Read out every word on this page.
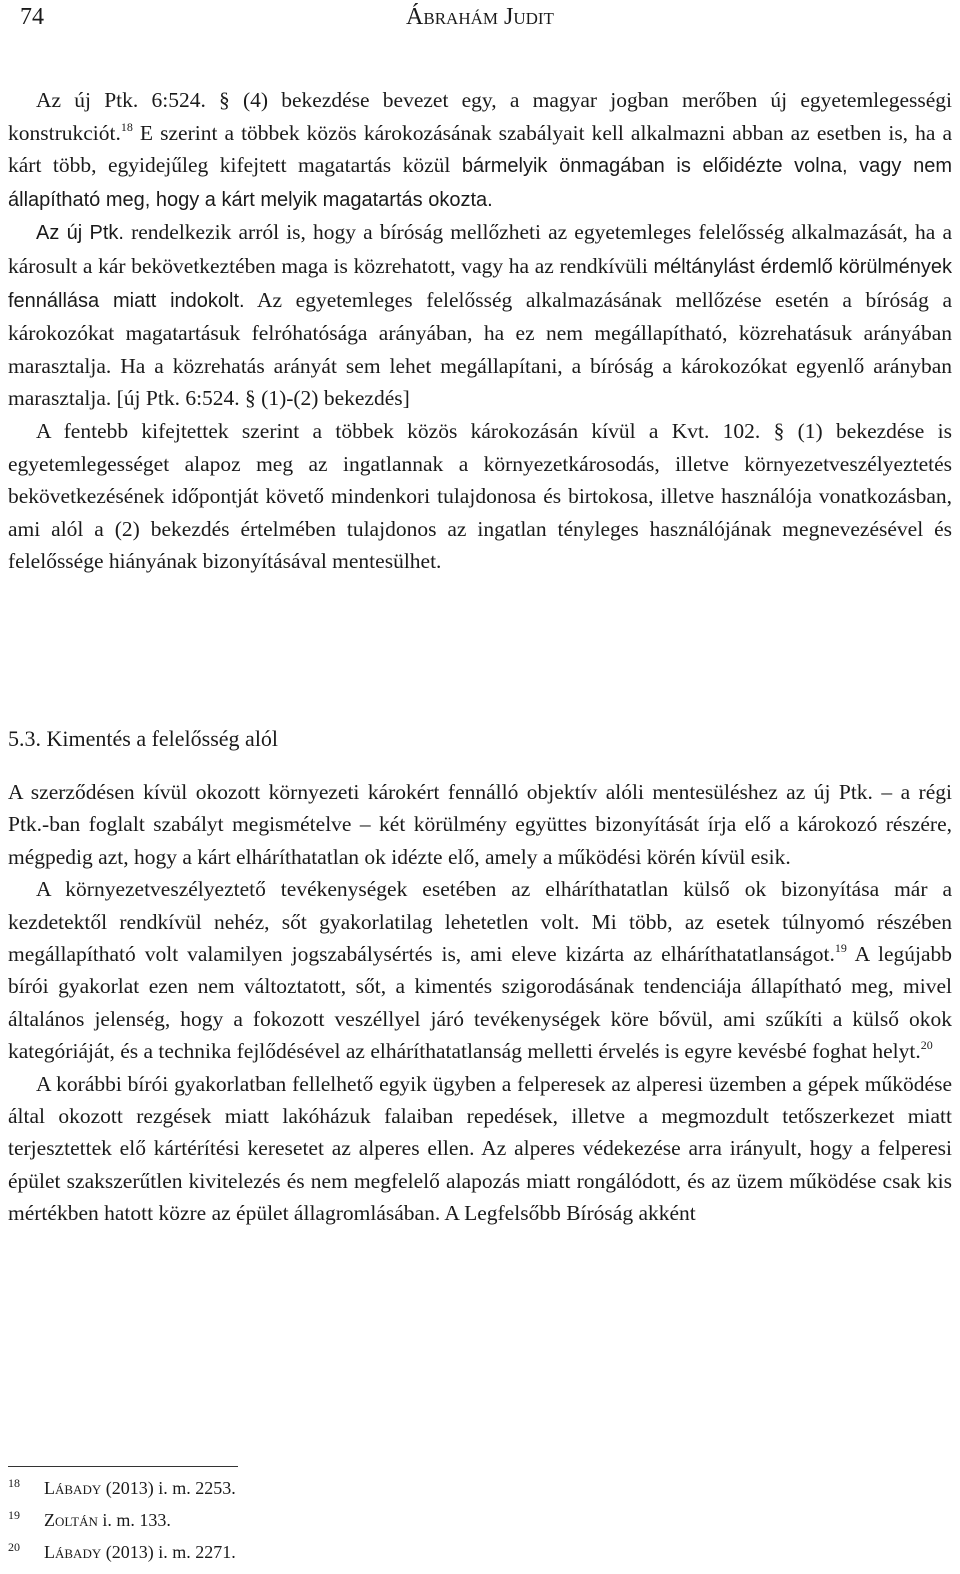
74	Ábrahám Judit

Az új Ptk. 6:524. § (4) bekezdése bevezet egy, a magyar jogban merőben új egyetemlegességi konstrukciót.$^{18}$ E szerint a többek közös károkozásának szabályait kell alkalmazni abban az esetben is, ha a kárt több, egyidejűleg kifejtett magatartás közül bármelyik önmagában is előidézte volna, vagy nem állapítható meg, hogy a kárt melyik magatartás okozta.

Az új Ptk. rendelkezik arról is, hogy a bíróság mellőzheti az egyetemleges felelősség alkalmazását, ha a károsult a kár bekövetkeztében maga is közrehatott, vagy ha az rendkívüli méltánylást érdemlő körülmények fennállása miatt indokolt. Az egyetemleges felelősség alkalmazásának mellőzése esetén a bíróság a károkozókat magatartásuk felróhatósága arányában, ha ez nem megállapítható, közrehatásuk arányában marasztalja. Ha a közrehatás arányát sem lehet megállapítani, a bíróság a károkozókat egyenlő arányban marasztalja. [új Ptk. 6:524. § (1)-(2) bekezdés]

A fentebb kifejtettek szerint a többek közös károkozásán kívül a Kvt. 102. § (1) bekezdése is egyetemlegességet alapoz meg az ingatlannak a környezetkárosodás, illetve környezetveszélyeztetés bekövetkezésének időpontját követő mindenkori tulajdonosa és birtokosa, illetve használója vonatkozásban, ami alól a (2) bekezdés értelmében tulajdonos az ingatlan tényleges használójának megnevezésével és felelőssége hiányának bizonyításával mentesülhet.

5.3. Kimentés a felelősség alól

A szerződésen kívül okozott környezeti károkért fennálló objektív alóli mentesüléshez az új Ptk. – a régi Ptk.-ban foglalt szabályt megismételve – két körülmény együttes bizonyítását írja elő a károkozó részére, mégpedig azt, hogy a kárt elháríthatatlan ok idézte elő, amely a működési körén kívül esik.

A környezetveszélyeztető tevékenységek esetében az elháríthatatlan külső ok bizonyítása már a kezdetektől rendkívül nehéz, sőt gyakorlatilag lehetetlen volt. Mi több, az esetek túlnyomó részében megállapítható volt valamilyen jogszabálysértés is, ami eleve kizárta az elháríthatatlanságot.$^{19}$ A legújabb bírói gyakorlat ezen nem változtatott, sőt, a kimentés szigorodásának tendenciája állapítható meg, mivel általános jelenség, hogy a fokozott veszéllyel járó tevékenységek köre bővül, ami szűkíti a külső okok kategóriáját, és a technika fejlődésével az elháríthatatlanság melletti érvelés is egyre kevésbé foghat helyt.$^{20}$

A korábbi bírói gyakorlatban fellelhető egyik ügyben a felperesek az alperesi üzemben a gépek működése által okozott rezgések miatt lakóházuk falaiban repedések, illetve a megmozdult tetőszerkezet miatt terjesztettek elő kártérítési keresetet az alperes ellen. Az alperes védekezése arra irányult, hogy a felperesi épület szakszerűtlen kivitelezés és nem megfelelő alapozás miatt rongálódott, és az üzem működése csak kis mértékben hatott közre az épület állagromlásában. A Legfelsőbb Bíróság akként

18 Lábady (2013) i. m. 2253.
19 Zoltán i. m. 133.
20 Lábady (2013) i. m. 2271.
